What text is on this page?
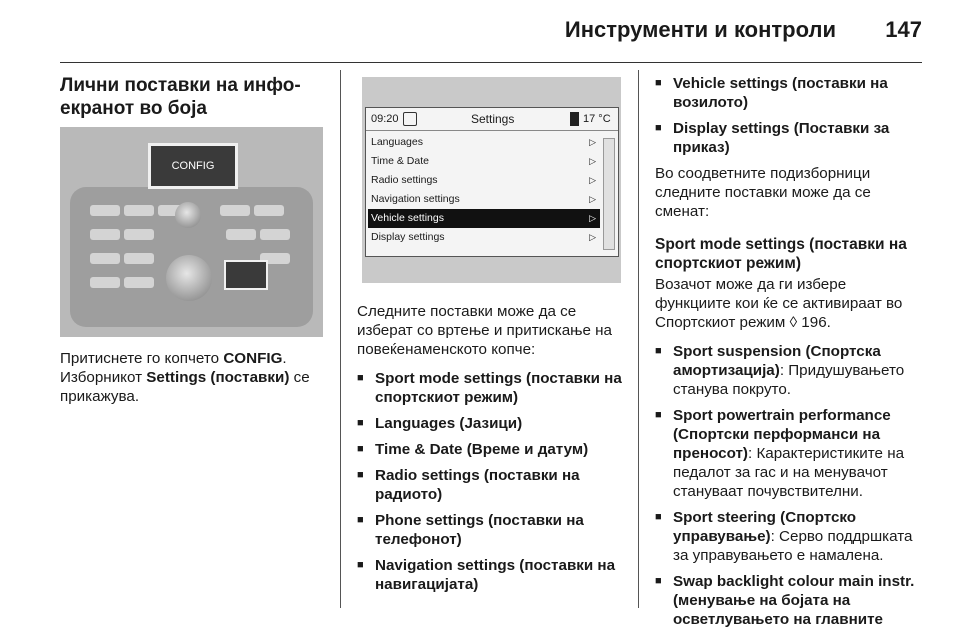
Инструменти и контроли 147
Лични поставки на инфо-екранот во боја
CONFIG

Притиснете го копчето CONFIG. Изборникот Settings (поставки) се прикажува.

09:20	Settings	17 °C
Languages	▷
Time & Date	▷
Radio settings	▷
Navigation settings	▷
Vehicle settings	▷
Display settings	▷

Следните поставки може да се изберат со вртење и притискање на повеќенаменското копче:

■ Sport mode settings (поставки на спортскиот режим)
■ Languages (Јазици)
■ Time & Date (Време и датум)
■ Radio settings (поставки на радиото)
■ Phone settings (поставки на телефонот)
■ Navigation settings (поставки на навигацијата)
■ Vehicle settings (поставки на возилото)
■ Display settings (Поставки за приказ)

Во соодветните подизборници следните поставки може да се сменат:

Sport mode settings (поставки на спортскиот режим)

Возачот може да ги избере функциите кои ќе се активираат во Спортскиот режим ◊ 196.

■ Sport suspension (Спортска амортизација): Придушувањето станува покруто.
■ Sport powertrain performance (Спортски перформанси на преносот): Карактеристиките на педалот за гас и на менувачот стануваат почувствителни.
■ Sport steering (Спортско управување): Серво поддршката за управувањето е намалена.
■ Swap backlight colour main instr. (менување на бојата на осветлувањето на главните
